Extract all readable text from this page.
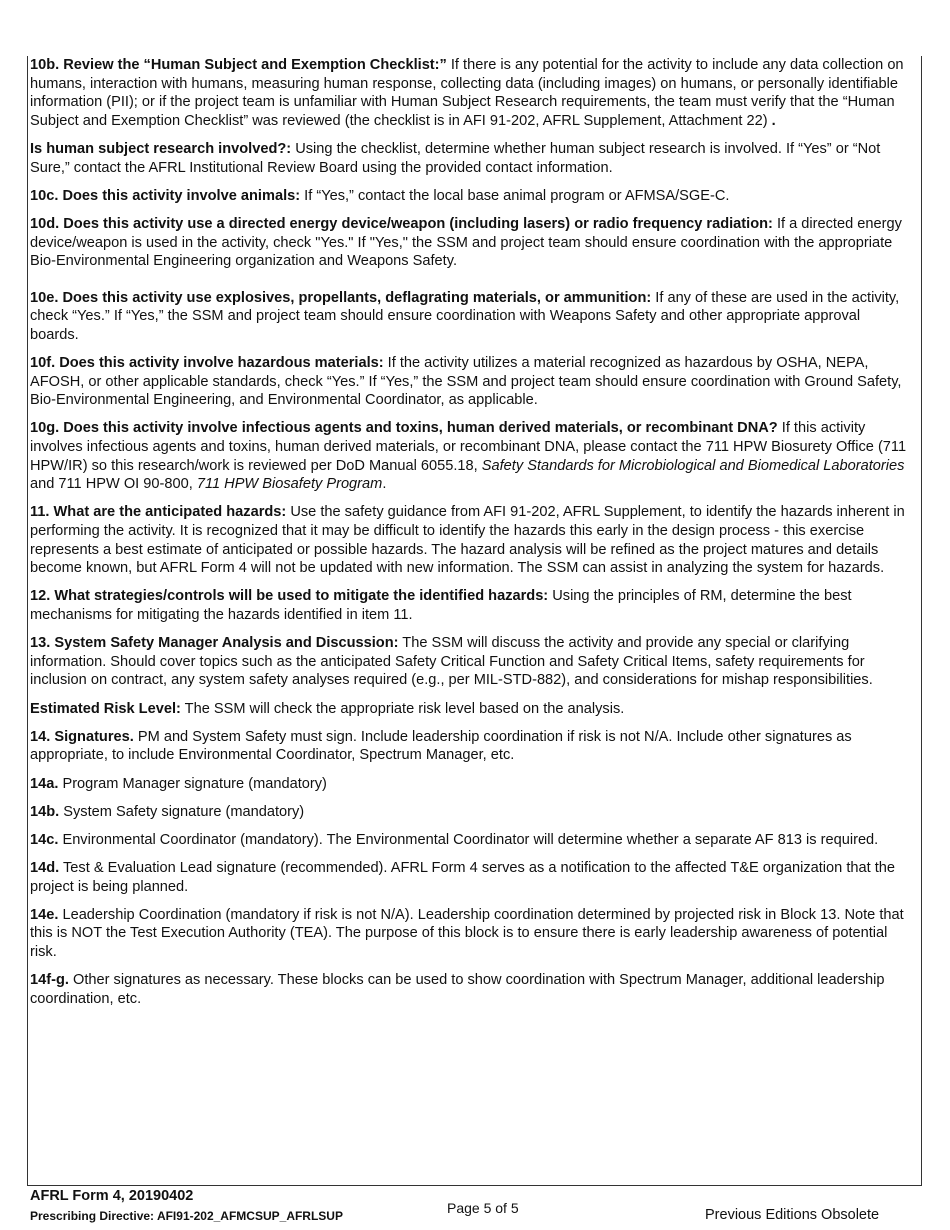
10b. Review the “Human Subject and Exemption Checklist:” If there is any potential for the activity to include any data collection on humans, interaction with humans, measuring human response, collecting data (including images) on humans, or personally identifiable information (PII); or if the project team is unfamiliar with Human Subject Research requirements, the team must verify that the “Human Subject and Exemption Checklist” was reviewed (the checklist is in AFI 91-202, AFRL Supplement, Attachment 22) .

Is human subject research involved?: Using the checklist, determine whether human subject research is involved. If “Yes” or “Not Sure,” contact the AFRL Institutional Review Board using the provided contact information.

10c. Does this activity involve animals: If “Yes,” contact the local base animal program or AFMSA/SGE-C.

10d. Does this activity use a directed energy device/weapon (including lasers) or radio frequency radiation: If a directed energy device/weapon is used in the activity, check "Yes." If "Yes," the SSM and project team should ensure coordination with the appropriate Bio-Environmental Engineering organization and Weapons Safety.

10e. Does this activity use explosives, propellants, deflagrating materials, or ammunition: If any of these are used in the activity, check “Yes.” If “Yes,” the SSM and project team should ensure coordination with Weapons Safety and other appropriate approval boards.

10f. Does this activity involve hazardous materials: If the activity utilizes a material recognized as hazardous by OSHA, NEPA, AFOSH, or other applicable standards, check “Yes.” If “Yes,” the SSM and project team should ensure coordination with Ground Safety, Bio-Environmental Engineering, and Environmental Coordinator, as applicable.

10g. Does this activity involve infectious agents and toxins, human derived materials, or recombinant DNA? If this activity involves infectious agents and toxins, human derived materials, or recombinant DNA, please contact the 711 HPW Biosurety Office (711 HPW/IR) so this research/work is reviewed per DoD Manual 6055.18, Safety Standards for Microbiological and Biomedical Laboratories and 711 HPW OI 90-800, 711 HPW Biosafety Program.

11. What are the anticipated hazards: Use the safety guidance from AFI 91-202, AFRL Supplement, to identify the hazards inherent in performing the activity. It is recognized that it may be difficult to identify the hazards this early in the design process - this exercise represents a best estimate of anticipated or possible hazards. The hazard analysis will be refined as the project matures and details become known, but AFRL Form 4 will not be updated with new information. The SSM can assist in analyzing the system for hazards.

12. What strategies/controls will be used to mitigate the identified hazards: Using the principles of RM, determine the best mechanisms for mitigating the hazards identified in item 11.

13. System Safety Manager Analysis and Discussion: The SSM will discuss the activity and provide any special or clarifying information. Should cover topics such as the anticipated Safety Critical Function and Safety Critical Items, safety requirements for inclusion on contract, any system safety analyses required (e.g., per MIL-STD-882), and considerations for mishap responsibilities.

Estimated Risk Level: The SSM will check the appropriate risk level based on the analysis.

14. Signatures. PM and System Safety must sign. Include leadership coordination if risk is not N/A. Include other signatures as appropriate, to include Environmental Coordinator, Spectrum Manager, etc.

14a. Program Manager signature (mandatory)

14b. System Safety signature (mandatory)

14c. Environmental Coordinator (mandatory). The Environmental Coordinator will determine whether a separate AF 813 is required.

14d. Test & Evaluation Lead signature (recommended). AFRL Form 4 serves as a notification to the affected T&E organization that the project is being planned.

14e. Leadership Coordination (mandatory if risk is not N/A). Leadership coordination determined by projected risk in Block 13. Note that this is NOT the Test Execution Authority (TEA). The purpose of this block is to ensure there is early leadership awareness of potential risk.

14f-g. Other signatures as necessary. These blocks can be used to show coordination with Spectrum Manager, additional leadership coordination, etc.

AFRL Form 4, 20190402
Prescribing Directive: AFI91-202_AFMCSUP_AFRLSUP	Page 5 of 5	Previous Editions Obsolete
